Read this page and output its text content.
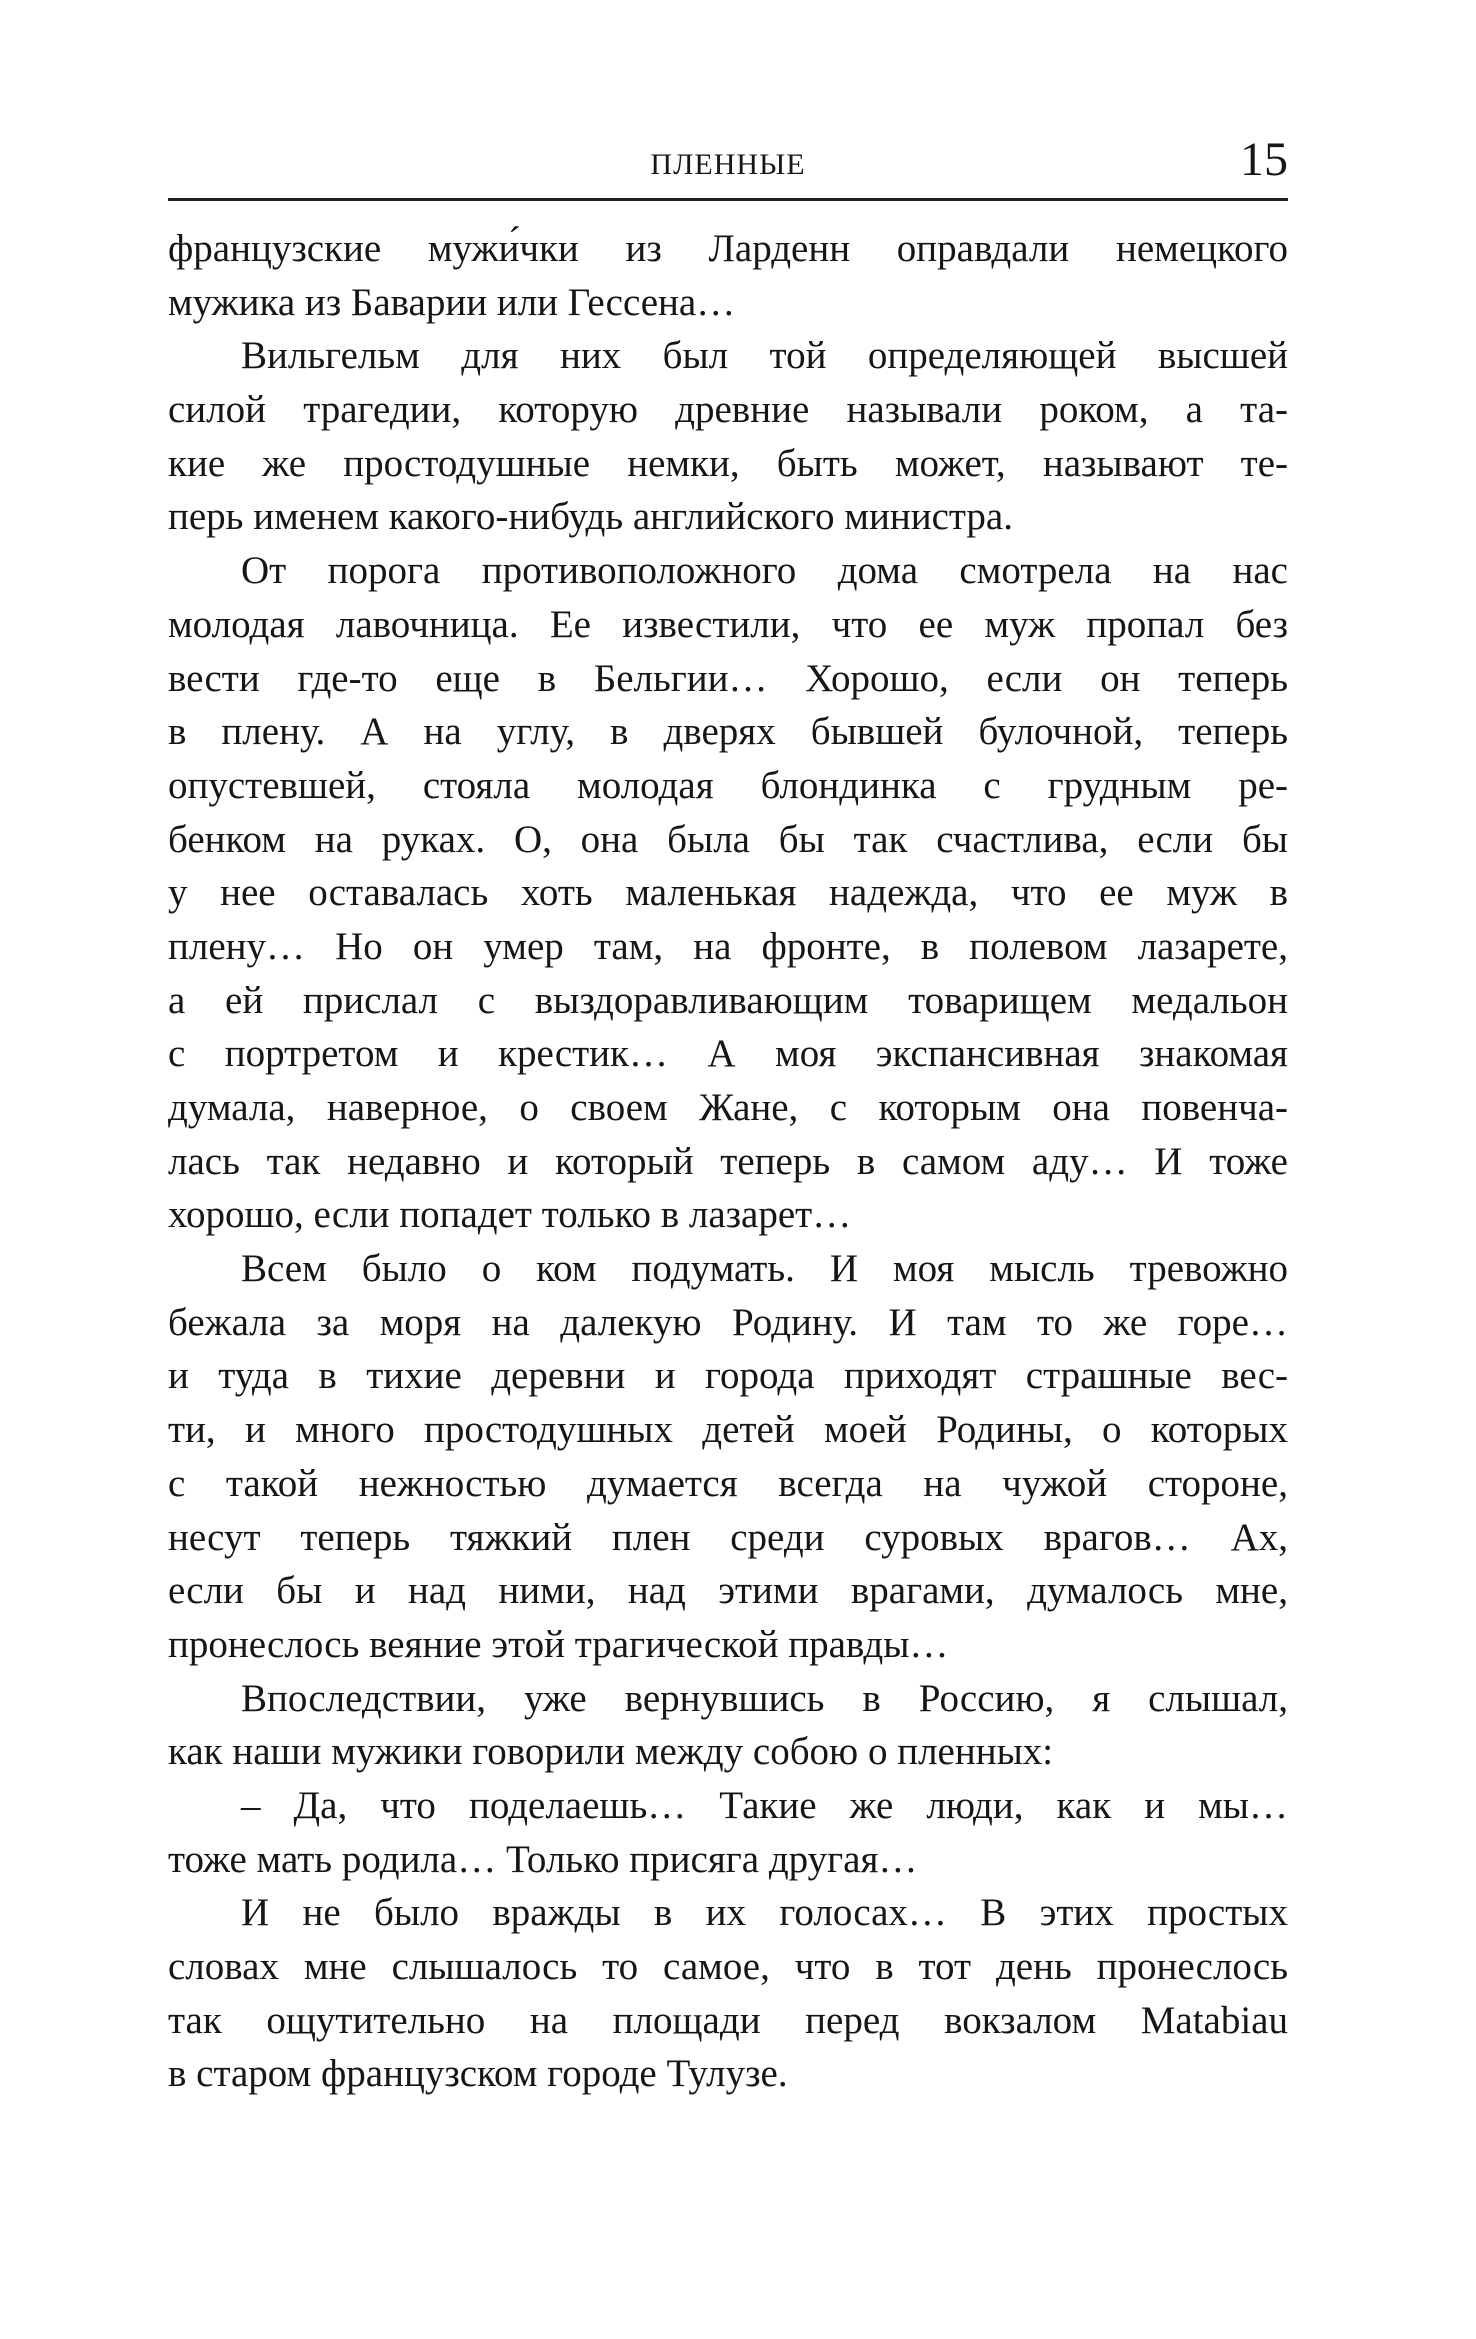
ПЛЕННЫЕ	15
французские мужи́чки из Ларденн оправдали немецкого
мужика из Баварии или Гессена…
Вильгельм для них был той определяющей высшей
силой трагедии, которую древние называли роком, а та-
кие же простодушные немки, быть может, называют те-
перь именем какого-нибудь английского министра.
От порога противоположного дома смотрела на нас
молодая лавочница. Ее известили, что ее муж пропал без
вести где-то еще в Бельгии… Хорошо, если он теперь
в плену. А на углу, в дверях бывшей булочной, теперь
опустевшей, стояла молодая блондинка с грудным ре-
бенком на руках. О, она была бы так счастлива, если бы
у нее оставалась хоть маленькая надежда, что ее муж в
плену… Но он умер там, на фронте, в полевом лазарете,
а ей прислал с выздоравливающим товарищем медальон
с портретом и крестик… А моя экспансивная знакомая
думала, наверное, о своем Жане, с которым она повенча-
лась так недавно и который теперь в самом аду… И тоже
хорошо, если попадет только в лазарет…
Всем было о ком подумать. И моя мысль тревожно
бежала за моря на далекую Родину. И там то же горе…
и туда в тихие деревни и города приходят страшные вес-
ти, и много простодушных детей моей Родины, о которых
с такой нежностью думается всегда на чужой стороне,
несут теперь тяжкий плен среди суровых врагов… Ах,
если бы и над ними, над этими врагами, думалось мне,
пронеслось веяние этой трагической правды…
Впоследствии, уже вернувшись в Россию, я слышал,
как наши мужики говорили между собою о пленных:
– Да, что поделаешь… Такие же люди, как и мы…
тоже мать родила… Только присяга другая…
И не было вражды в их голосах… В этих простых
словах мне слышалось то самое, что в тот день пронеслось
так ощутительно на площади перед вокзалом Matabiau
в старом французском городе Тулузе.
